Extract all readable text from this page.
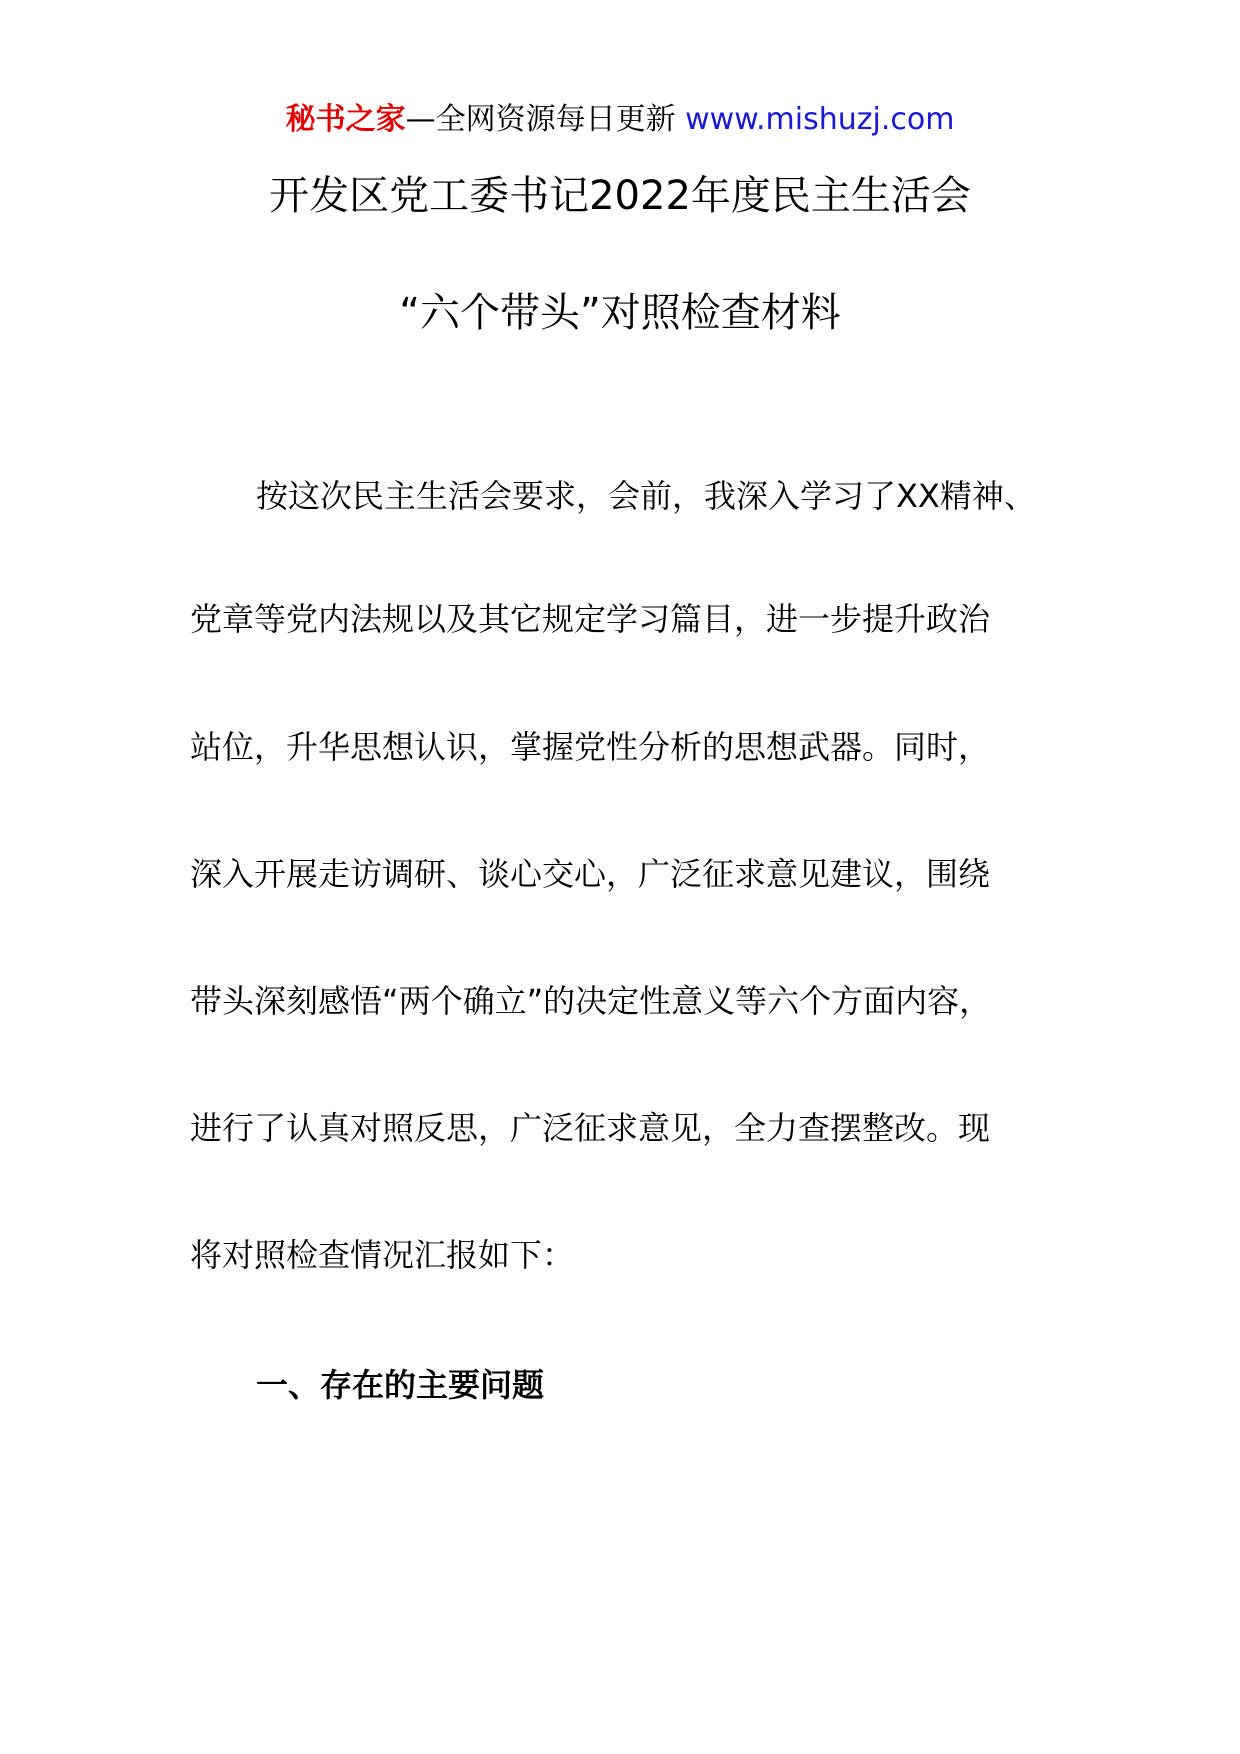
秘书之家—全网资源每日更新 www.mishuzj.com
开发区党工委书记2022年度民主生活会
“六个带头”对照检查材料
按这次民主生活会要求，会前，我深入学习了XX精神、
党章等党内法规以及其它规定学习篇目，进一步提升政治
站位，升华思想认识，掌握党性分析的思想武器。同时，
深入开展走访调研、谈心交心，广泛征求意见建议，围绕
带头深刻感悟“两个确立”的决定性意义等六个方面内容，
进行了认真对照反思，广泛征求意见，全力查摆整改。现
将对照检查情况汇报如下：
一、存在的主要问题
